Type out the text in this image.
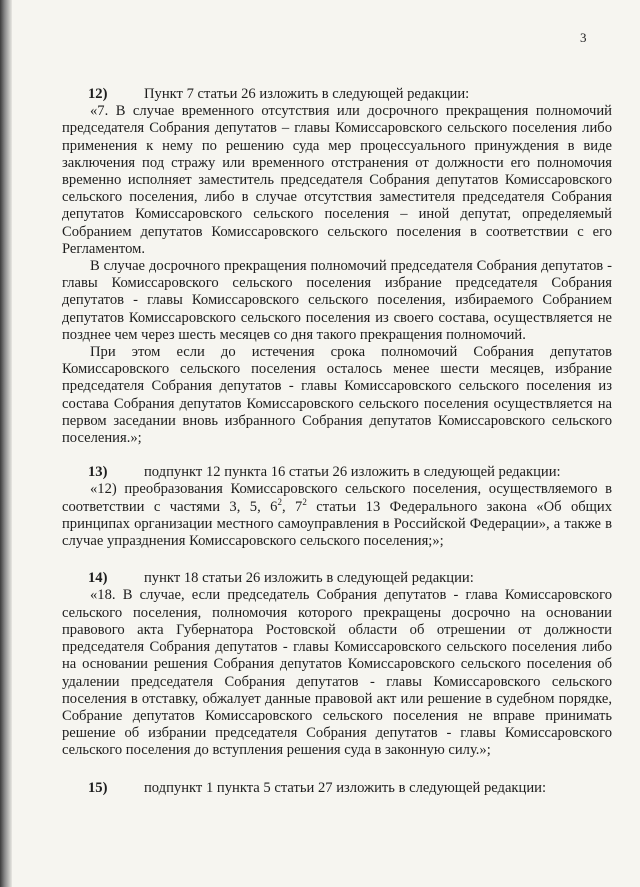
3

12)	Пункт 7 статьи 26 изложить в следующей редакции:

«7. В случае временного отсутствия или досрочного прекращения полномочий председателя Собрания депутатов – главы Комиссаровского сельского поселения либо применения к нему по решению суда мер процессуального принуждения в виде заключения под стражу или временного отстранения от должности его полномочия временно исполняет заместитель председателя Собрания депутатов Комиссаровского сельского поселения, либо в случае отсутствия заместителя председателя Собрания депутатов Комиссаровского сельского поселения – иной депутат, определяемый Собранием депутатов Комиссаровского сельского поселения в соответствии с его Регламентом.

В случае досрочного прекращения полномочий председателя Собрания депутатов - главы Комиссаровского сельского поселения избрание председателя Собрания депутатов - главы Комиссаровского сельского поселения, избираемого Собранием депутатов Комиссаровского сельского поселения из своего состава, осуществляется не позднее чем через шесть месяцев со дня такого прекращения полномочий.

При этом если до истечения срока полномочий Собрания депутатов Комиссаровского сельского поселения осталось менее шести месяцев, избрание председателя Собрания депутатов - главы Комиссаровского сельского поселения из состава Собрания депутатов Комиссаровского сельского поселения осуществляется на первом заседании вновь избранного Собрания депутатов Комиссаровского сельского поселения.»;

13)	подпункт 12 пункта 16 статьи 26 изложить в следующей редакции:

«12) преобразования Комиссаровского сельского поселения, осуществляемого в соответствии с частями 3, 5, $6^2$, $7^2$ статьи 13 Федерального закона «Об общих принципах организации местного самоуправления в Российской Федерации», а также в случае упразднения Комиссаровского сельского поселения;»;

14)	пункт 18 статьи 26 изложить в следующей редакции:

«18. В случае, если председатель Собрания депутатов - глава Комиссаровского сельского поселения, полномочия которого прекращены досрочно на основании правового акта Губернатора Ростовской области об отрешении от должности председателя Собрания депутатов - главы Комиссаровского сельского поселения либо на основании решения Собрания депутатов Комиссаровского сельского поселения об удалении председателя Собрания депутатов - главы Комиссаровского сельского поселения в отставку, обжалует данные правовой акт или решение в судебном порядке, Собрание депутатов Комиссаровского сельского поселения не вправе принимать решение об избрании председателя Собрания депутатов - главы Комиссаровского сельского поселения до вступления решения суда в законную силу.»;

15)	подпункт 1 пункта 5 статьи 27 изложить в следующей редакции:
